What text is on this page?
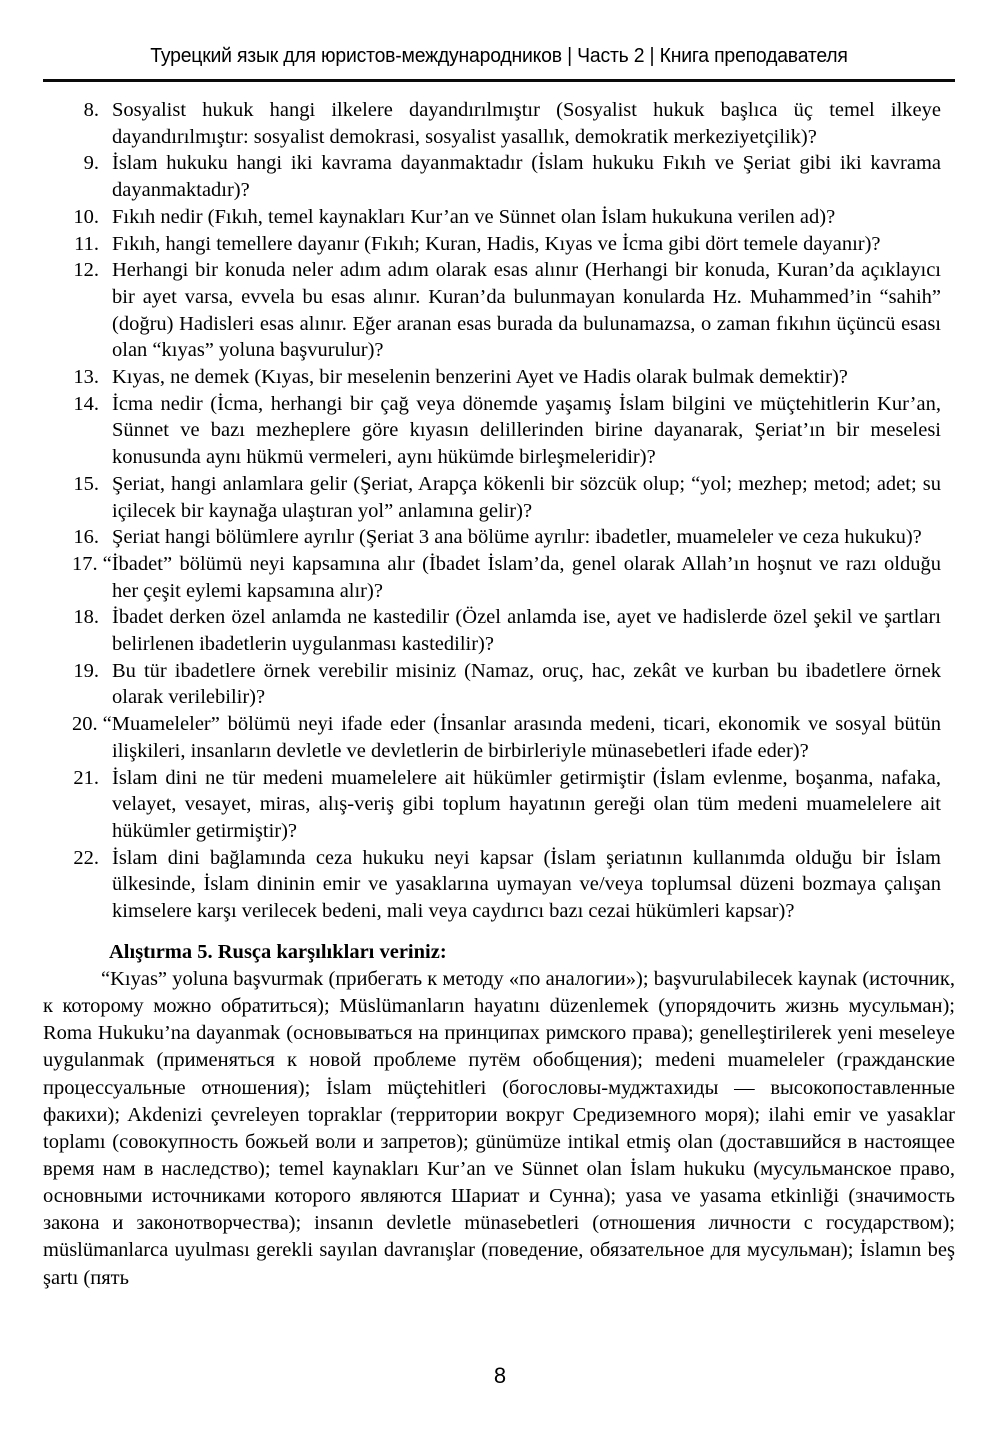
Турецкий язык для юристов-международников | Часть 2 | Книга преподавателя

8. Sosyalist hukuk hangi ilkelere dayandırılmıştır (Sosyalist hukuk başlıca üç temel ilkeye dayandırılmıştır: sosyalist demokrasi, sosyalist yasallık, demokratik merkeziyetçilik)?

9. İslam hukuku hangi iki kavrama dayanmaktadır (İslam hukuku Fıkıh ve Şeriat gibi iki kavrama dayanmaktadır)?

10. Fıkıh nedir (Fıkıh, temel kaynakları Kur’an ve Sünnet olan İslam hukukuna verilen ad)?

11. Fıkıh, hangi temellere dayanır (Fıkıh; Kuran, Hadis, Kıyas ve İcma gibi dört temele dayanır)?

12. Herhangi bir konuda neler adım adım olarak esas alınır (Herhangi bir konuda, Kuran’da açıklayıcı bir ayet varsa, evvela bu esas alınır. Kuran’da bulunmayan konularda Hz. Muhammed’in “sahih” (doğru) Hadisleri esas alınır. Eğer aranan esas burada da bulunamazsa, o zaman fıkıhın üçüncü esası olan “kıyas” yoluna başvurulur)?

13. Kıyas, ne demek (Kıyas, bir meselenin benzerini Ayet ve Hadis olarak bulmak demektir)?

14. İcma nedir (İcma, herhangi bir çağ veya dönemde yaşamış İslam bilgini ve müçtehitlerin Kur’an, Sünnet ve bazı mezheplere göre kıyasın delillerinden birine dayanarak, Şeriat’ın bir meselesi konusunda aynı hükmü vermeleri, aynı hükümde birleşmeleridir)?

15. Şeriat, hangi anlamlara gelir (Şeriat, Arapça kökenli bir sözcük olup; “yol; mezhep; metod; adet; su içilecek bir kaynağa ulaştıran yol” anlamına gelir)?

16. Şeriat hangi bölümlere ayrılır (Şeriat 3 ana bölüme ayrılır: ibadetler, muameleler ve ceza hukuku)?

17. “İbadet” bölümü neyi kapsamına alır (İbadet İslam’da, genel olarak Allah’ın hoşnut ve razı olduğu her çeşit eylemi kapsamına alır)?

18. İbadet derken özel anlamda ne kastedilir (Özel anlamda ise, ayet ve hadislerde özel şekil ve şartları belirlenen ibadetlerin uygulanması kastedilir)?

19. Bu tür ibadetlere örnek verebilir misiniz (Namaz, oruç, hac, zekât ve kurban bu ibadetlere örnek olarak verilebilir)?

20. “Muameleler” bölümü neyi ifade eder (İnsanlar arasında medeni, ticari, ekonomik ve sosyal bütün ilişkileri, insanların devletle ve devletlerin de birbirleriyle münasebetleri ifade eder)?

21. İslam dini ne tür medeni muamelelere ait hükümler getirmiştir (İslam evlenme, boşanma, nafaka, velayet, vesayet, miras, alış-veriş gibi toplum hayatının gereği olan tüm medeni muamelelere ait hükümler getirmiştir)?

22. İslam dini bağlamında ceza hukuku neyi kapsar (İslam şeriatının kullanımda olduğu bir İslam ülkesinde, İslam dininin emir ve yasaklarına uymayan ve/veya toplumsal düzeni bozmaya çalışan kimselere karşı verilecek bedeni, mali veya caydırıcı bazı cezai hükümleri kapsar)?

Alıştırma 5. Rusça karşılıkları veriniz:

“Kıyas” yoluna başvurmak (прибегать к методу «по аналогии»); başvurulabilecek kaynak (источник, к которому можно обратиться); Müslümanların hayatını düzenlemek (упорядочить жизнь мусульман); Roma Hukuku’na dayanmak (основываться на принципах римского права); genelleştirilerek yeni meseleye uygulanmak (применяться к новой проблеме путём обобщения); medeni muameleler (гражданские процессуальные отношения); İslam müçtehitleri (богословы-муджтахиды — высокопоставленные факихи); Akdenizi çevreleyen topraklar (территории вокруг Средиземного моря); ilahi emir ve yasaklar toplamı (совокупность божьей воли и запретов); günümüze intikal etmiş olan (доставшийся в настоящее время нам в наследство); temel kaynakları Kur’an ve Sünnet olan İslam hukuku (мусульманское право, основными источниками которого являются Шариат и Сунна); yasa ve yasama etkinliği (значимость закона и законотворчества); insanın devletle münasebetleri (отношения личности с государством); müslümanlarca uyulması gerekli sayılan davranışlar (поведение, обязательное для мусульман); İslamın beş şartı (пять

8
